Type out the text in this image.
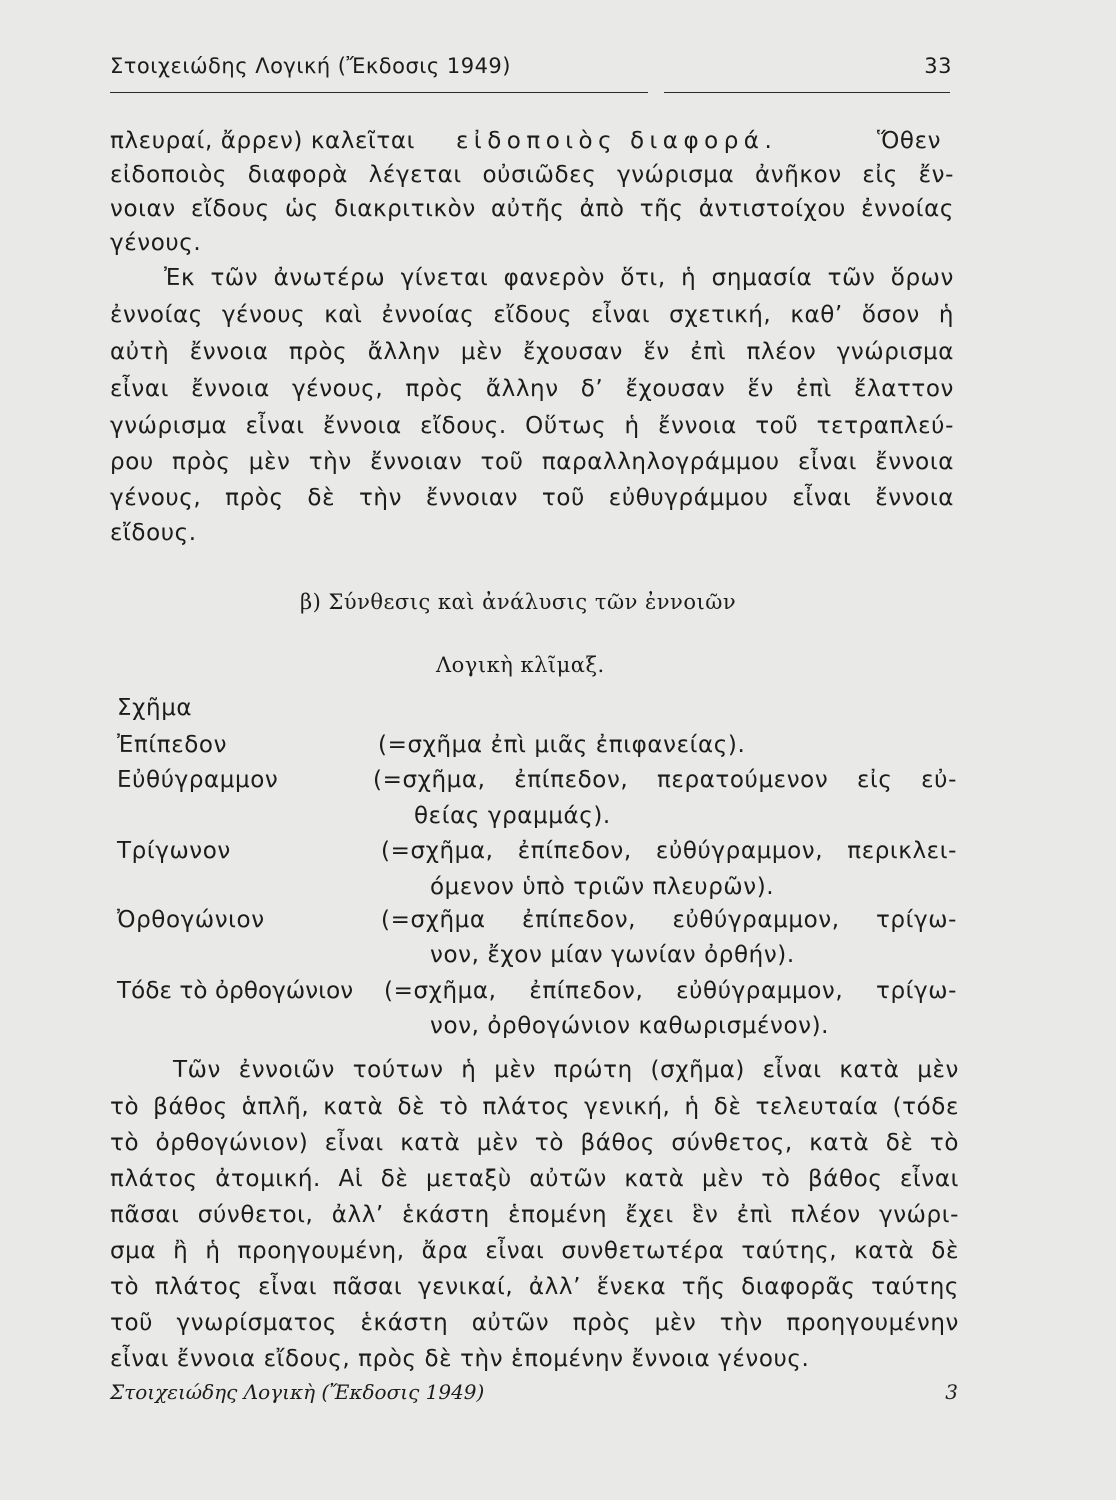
Στοιχειώδης Λογική (Ἔκδοσις 1949)	33
πλευραί, ἄρρεν) καλεῖται εἰδοποιὸς διαφορά.	Ὅθεν
εἰδοποιὸς διαφορὰ λέγεται οὐσιῶδες γνώρισμα ἀνῆκον εἰς ἔν-
νοιαν εἴδους ὡς διακριτικὸν αὐτῆς ἀπὸ τῆς ἀντιστοίχου ἐννοίας
γένους.
Ἐκ τῶν ἀνωτέρω γίνεται φανερὸν ὅτι, ἡ σημασία τῶν ὅρων
ἐννοίας γένους καὶ ἐννοίας εἴδους εἶναι σχετική, καθ’ ὅσον ἡ
αὐτὴ ἔννοια πρὸς ἄλλην μὲν ἔχουσαν ἕν ἐπὶ πλέον γνώρισμα
εἶναι ἔννοια γένους, πρὸς ἄλλην δ’ ἔχουσαν ἕν ἐπὶ ἔλαττον
γνώρισμα εἶναι ἔννοια εἴδους. Οὕτως ἡ ἔννοια τοῦ τετραπλεύ-
ρου πρὸς μὲν τὴν ἔννοιαν τοῦ παραλληλογράμμου εἶναι ἔννοια
γένους, πρὸς δὲ τὴν ἔννοιαν τοῦ εὐθυγράμμου εἶναι ἔννοια
εἴδους.
β) Σύνθεσις καὶ ἀνάλυσις τῶν ἐννοιῶν
Λογικὴ κλῖμαξ.
Σχῆμα
Ἐπίπεδον	(=σχῆμα ἐπὶ μιᾶς ἐπιφανείας).
Εὐθύγραμμον	(=σχῆμα, ἐπίπεδον, περατούμενον εἰς εὐ-
θείας γραμμάς).
Τρίγωνον	(=σχῆμα, ἐπίπεδον, εὐθύγραμμον, περικλει-
όμενον ὑπὸ τριῶν πλευρῶν).
Ὀρθογώνιον	(=σχῆμα ἐπίπεδον, εὐθύγραμμον, τρίγω-
νον, ἔχον μίαν γωνίαν ὀρθήν).
Τόδε τὸ ὀρθογώνιον (=σχῆμα, ἐπίπεδον, εὐθύγραμμον, τρίγω-
νον, ὀρθογώνιον καθωρισμένον).
Τῶν ἐννοιῶν τούτων ἡ μὲν πρώτη (σχῆμα) εἶναι κατὰ μὲν
τὸ βάθος ἁπλῆ, κατὰ δὲ τὸ πλάτος γενική, ἡ δὲ τελευταία (τόδε
τὸ ὀρθογώνιον) εἶναι κατὰ μὲν τὸ βάθος σύνθετος, κατὰ δὲ τὸ
πλάτος ἀτομική. Αἱ δὲ μεταξὺ αὐτῶν κατὰ μὲν τὸ βάθος εἶναι
πᾶσαι σύνθετοι, ἀλλ’ ἑκάστη ἑπομένη ἔχει ἓν ἐπὶ πλέον γνώρι-
σμα ἢ ἡ προηγουμένη, ἄρα εἶναι συνθετωτέρα ταύτης, κατὰ δὲ
τὸ πλάτος εἶναι πᾶσαι γενικαί, ἀλλ’ ἕνεκα τῆς διαφορᾶς ταύτης
τοῦ γνωρίσματος ἑκάστη αὐτῶν πρὸς μὲν τὴν προηγουμένην
εἶναι ἔννοια εἴδους, πρὸς δὲ τὴν ἑπομένην ἔννοια γένους.
Στοιχειώδης Λογικὴ (Ἔκδοσις 1949)	3
